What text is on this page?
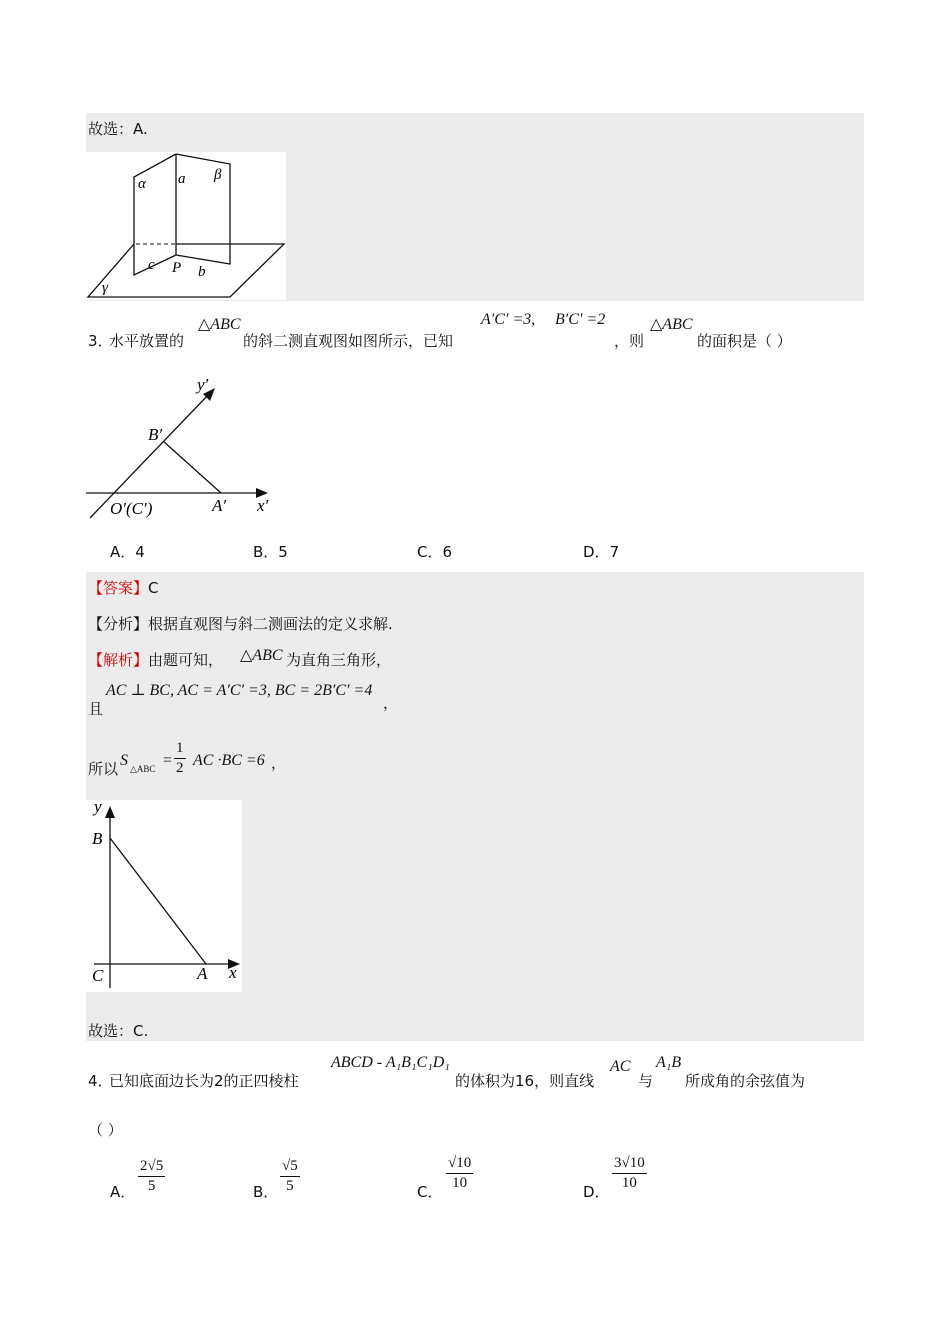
故选：A.
α a β
c P b
γ
3．
水平放置的
△ABC
的斜二测直观图如图所示，已知
A′C′ =3, B′C′ =2
，则
△ABC
的面积是（ ）
y′
x′
B′
A′
O′(C′)
A．4	B．5	C．6	D．7
【答案】C
【分析】根据直观图与斜二测画法的定义求解.
【解析】由题可知， △ABC 为直角三角形，
且
AC ⊥ BC, AC = A′C′ =3, BC = 2B′C′ =4
，
所以 S △ABC =
1
2 AC ·BC =6 ，
y
x
B
C	A
故选：C.
4．
已知底面边长为2的正四棱柱
ABCD - A₁B₁C₁D₁
的体积为16，则直线
AC
与
A₁B
所成角的余弦值为
（ ）
A．
2√5
5	B．
√5
5	C．
√10
10	D．
3√10
10
